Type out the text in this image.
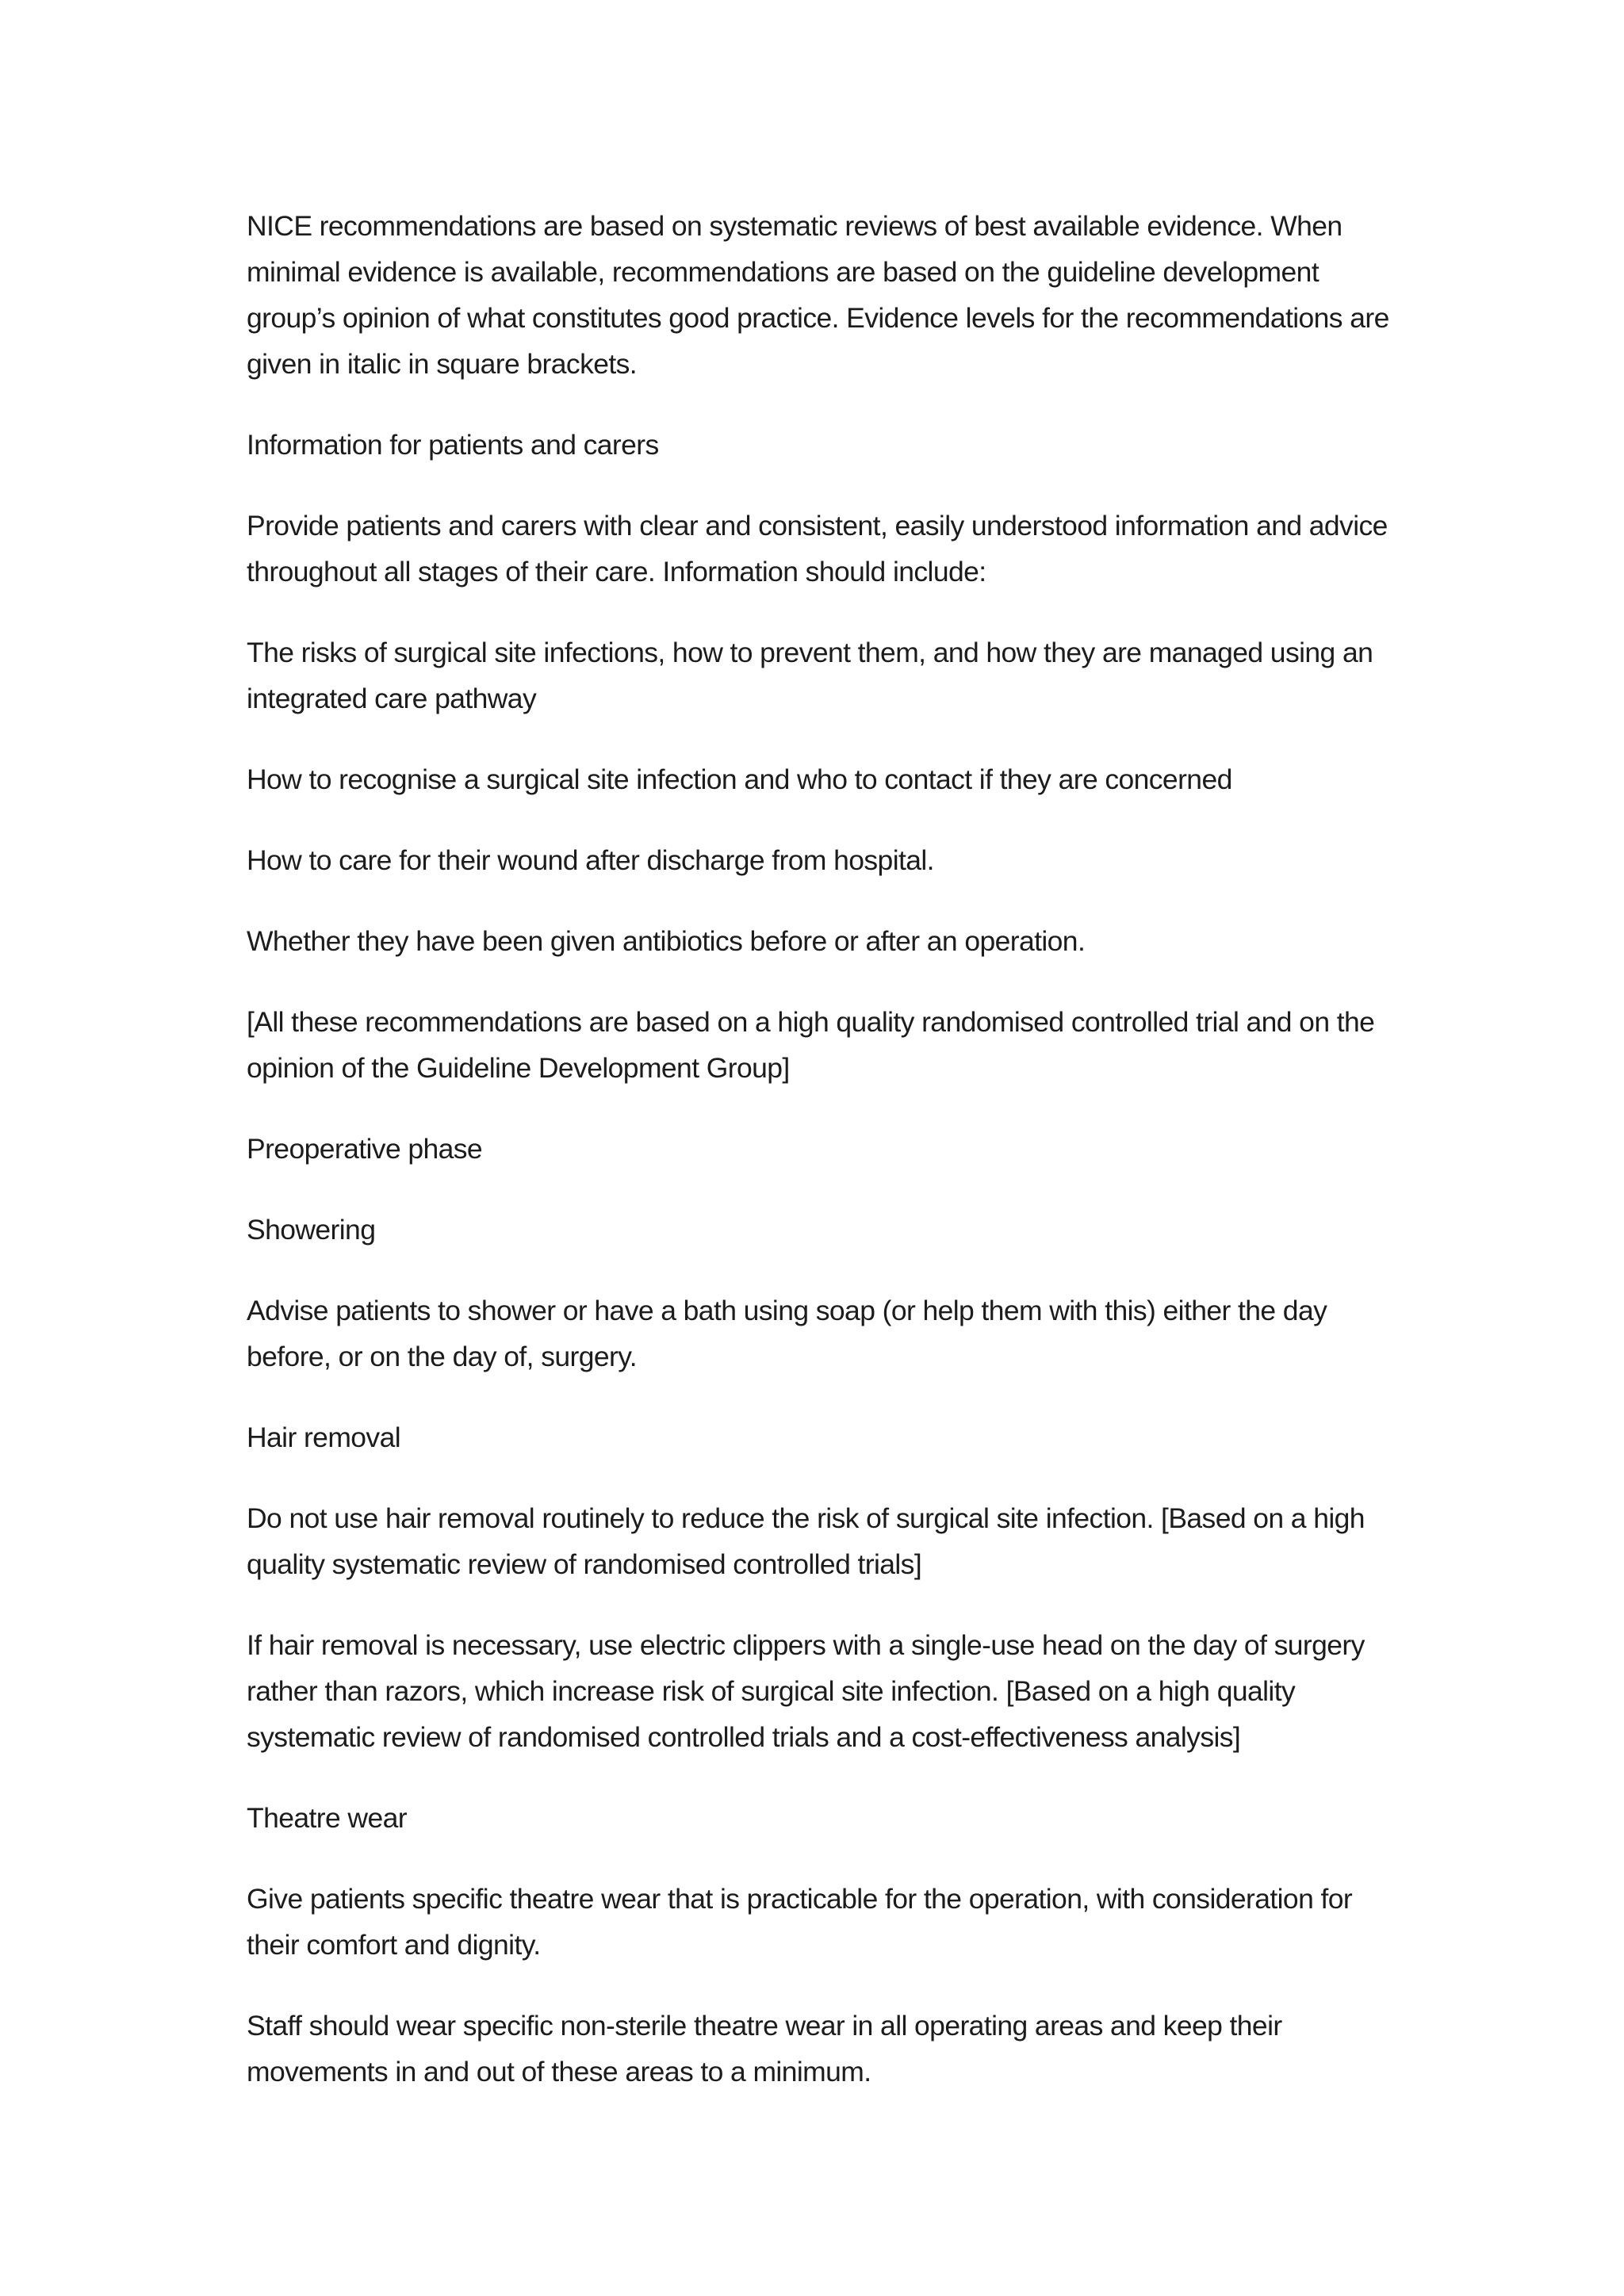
NICE recommendations are based on systematic reviews of best available evidence. When minimal evidence is available, recommendations are based on the guideline development group’s opinion of what constitutes good practice. Evidence levels for the recommendations are given in italic in square brackets.

Information for patients and carers

Provide patients and carers with clear and consistent, easily understood information and advice throughout all stages of their care. Information should include:

The risks of surgical site infections, how to prevent them, and how they are managed using an integrated care pathway

How to recognise a surgical site infection and who to contact if they are concerned

How to care for their wound after discharge from hospital.

Whether they have been given antibiotics before or after an operation.

[All these recommendations are based on a high quality randomised controlled trial and on the opinion of the Guideline Development Group]

Preoperative phase

Showering

Advise patients to shower or have a bath using soap (or help them with this) either the day before, or on the day of, surgery.

Hair removal

Do not use hair removal routinely to reduce the risk of surgical site infection. [Based on a high quality systematic review of randomised controlled trials]

If hair removal is necessary, use electric clippers with a single-use head on the day of surgery rather than razors, which increase risk of surgical site infection. [Based on a high quality systematic review of randomised controlled trials and a cost-effectiveness analysis]

Theatre wear

Give patients specific theatre wear that is practicable for the operation, with consideration for their comfort and dignity.

Staff should wear specific non-sterile theatre wear in all operating areas and keep their movements in and out of these areas to a minimum.
